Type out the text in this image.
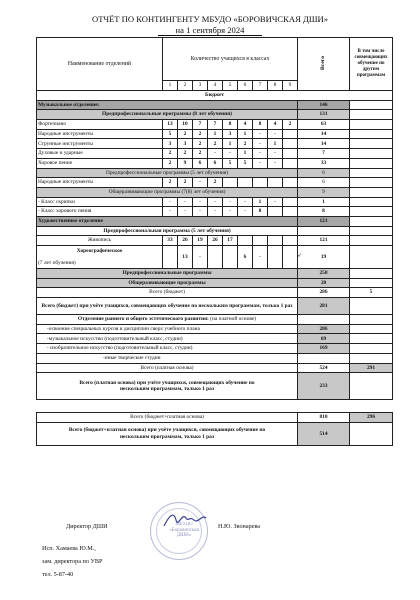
ОТЧЁТ ПО КОНТИНГЕНТУ МБУДО «БОРОВИЧСКАЯ ДШИ»
на 1 сентября 2024
Наименование отделений	Количество учащихся в классах									Всего	В том числе совмещающих обучение по другим программам
	1	2	3	4	5	6	7	8	9		
Бюджет											
Музыкальное отделение:										146	
Предпрофессиональные программы (8 лет обучения)										131	
Фортепиано	13	10	7	7	8	4	8	4	2	63	
Народные инструменты	5	2	2	1	3	1	-	-		14	
Струнные инструменты	3	3	2	2	1	2	-	1		14	
Духовые и ударные	2	2	2	-	-	1	-	-		7	
Хоровое пение	2	9	6	6	5	5	-	-		33	
Предпрофессиональные программы (5 лет обучения)										6	
Народные инструменты	2	2	-	2						6	
Общеразвивающие программы (7(8) лет обучения)										9	
- Класс скрипки	-	-	-	-	-	-	1	-		1	
- Класс хорового пения	-	-	-	-	-	-	8			8	
Художественное отделение										121	
Предпрофессиональная программа (5 лет обучения)											
Живопись	33	26	19	26	17					121	

Хореографическое
(7 лет обучения)		13	-			6	-			19	
Предпрофессиональные программы										258	
Общеразвивающие программы										28	
Всего (бюджет)										286	5
Всего (бюджет) при учёте учащихся, совмещающих обучение по нескольким программам, только 1 раз										281	
Отделение раннего и общего эстетического развития: (на платной основе)											
-освоение специальных курсов и дисциплин сверх учебного плана										286	
-музыкальное искусство (подготовительный класс, студии)										69	
- изобразительное искусство (подготовительный класс, студии)										169	
-иные творческие студии											
Всего (платная основа)										524	291
Всего (платная основа) при учёте учащихся, совмещающих обучение по нескольким программам, только 1 раз										233	

Всего (бюджет+платная основа)										810	296
Всего (бюджет+платная основа) при учёте учащихся, совмещающих обучение по нескольким программам, только 1 раз										514	
➶
МБУДО «Боровичская ДШИ»
Директор ДШИ	Н.Ю. Звонарева
Исп. Хамаева Ю.М.,
зам. директора по УВР
тел. 5-87-40
